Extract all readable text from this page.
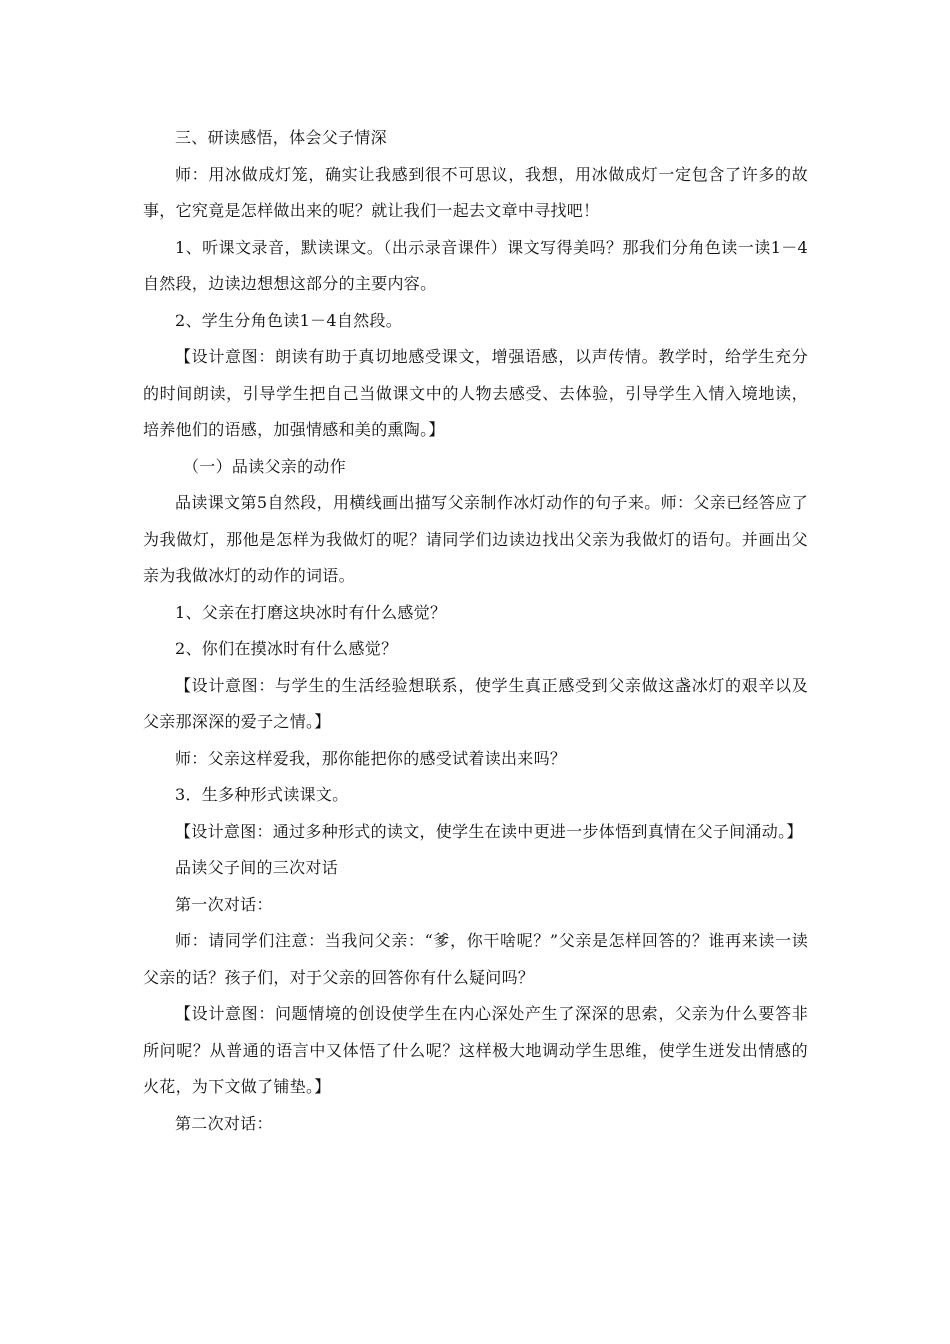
三、研读感悟，体会父子情深

师：用冰做成灯笼，确实让我感到很不可思议，我想，用冰做成灯一定包含了许多的故事，它究竟是怎样做出来的呢？就让我们一起去文章中寻找吧！

1、听课文录音，默读课文。（出示录音课件）课文写得美吗？那我们分角色读一读1－4自然段，边读边想想这部分的主要内容。

2、学生分角色读1－4自然段。

【设计意图：朗读有助于真切地感受课文，增强语感，以声传情。教学时，给学生充分的时间朗读，引导学生把自己当做课文中的人物去感受、去体验，引导学生入情入境地读，培养他们的语感，加强情感和美的熏陶。】

（一）品读父亲的动作

品读课文第5自然段，用横线画出描写父亲制作冰灯动作的句子来。师：父亲已经答应了为我做灯，那他是怎样为我做灯的呢？请同学们边读边找出父亲为我做灯的语句。并画出父亲为我做冰灯的动作的词语。

1、父亲在打磨这块冰时有什么感觉？

2、你们在摸冰时有什么感觉？

【设计意图：与学生的生活经验想联系，使学生真正感受到父亲做这盏冰灯的艰辛以及父亲那深深的爱子之情。】

师：父亲这样爱我，那你能把你的感受试着读出来吗？

3．生多种形式读课文。

【设计意图：通过多种形式的读文，使学生在读中更进一步体悟到真情在父子间涌动。】

品读父子间的三次对话

第一次对话：

师：请同学们注意：当我问父亲：“爹，你干啥呢？”父亲是怎样回答的？谁再来读一读父亲的话？孩子们，对于父亲的回答你有什么疑问吗？

【设计意图：问题情境的创设使学生在内心深处产生了深深的思索，父亲为什么要答非所问呢？从普通的语言中又体悟了什么呢？这样极大地调动学生思维，使学生迸发出情感的火花，为下文做了铺垫。】

第二次对话：
